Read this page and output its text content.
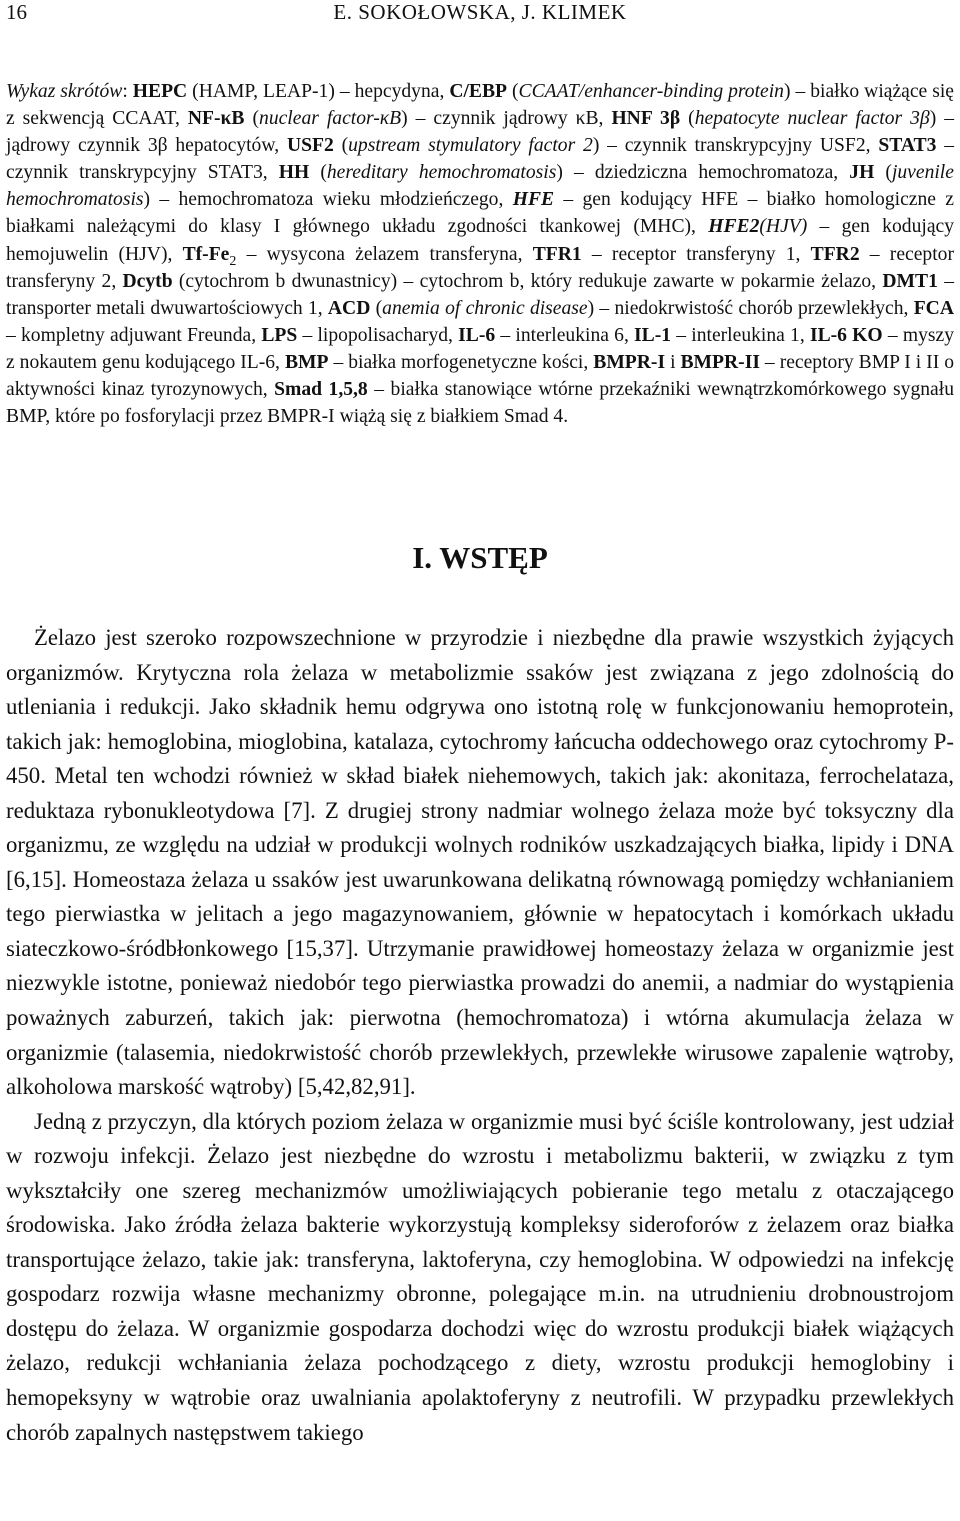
16	E. SOKOŁOWSKA, J. KLIMEK

Wykaz skrótów: HEPC (HAMP, LEAP-1) – hepcydyna, C/EBP (CCAAT/enhancer-binding protein) – białko wiążące się z sekwencją CCAAT, NF-κB (nuclear factor-κB) – czynnik jądrowy κB, HNF 3β (hepatocyte nuclear factor 3β) – jądrowy czynnik 3β hepatocytów, USF2 (upstream stymulatory factor 2) – czynnik transkrypcyjny USF2, STAT3 – czynnik transkrypcyjny STAT3, HH (hereditary hemochromatosis) – dziedziczna hemochromatoza, JH (juvenile hemochromatosis) – hemochromatoza wieku młodzieńczego, HFE – gen kodujący HFE – białko homologiczne z białkami należącymi do klasy I głównego układu zgodności tkankowej (MHC), HFE2(HJV) – gen kodujący hemojuwelin (HJV), $Tf-Fe_2$ – wysycona żelazem transferyna, TFR1 – receptor transferyny 1, TFR2 – receptor transferyny 2, Dcytb (cytochrom b dwunastnicy) – cytochrom b, który redukuje zawarte w pokarmie żelazo, DMT1 – transporter metali dwuwartościowych 1, ACD (anemia of chronic disease) – niedokrwistość chorób przewlekłych, FCA – kompletny adjuwant Freunda, LPS – lipopolisacharyd, IL-6 – interleukina 6, IL-1 – interleukina 1, IL-6 KO – myszy z nokautem genu kodującego IL-6, BMP – białka morfogenetyczne kości, BMPR-I i BMPR-II – receptory BMP I i II o aktywności kinaz tyrozynowych, Smad 1,5,8 – białka stanowiące wtórne przekaźniki wewnątrzkomórkowego sygnału BMP, które po fosforylacji przez BMPR-I wiążą się z białkiem Smad 4.

I. WSTĘP

Żelazo jest szeroko rozpowszechnione w przyrodzie i niezbędne dla prawie wszystkich żyjących organizmów. Krytyczna rola żelaza w metabolizmie ssaków jest związana z jego zdolnością do utleniania i redukcji. Jako składnik hemu odgrywa ono istotną rolę w funkcjonowaniu hemoprotein, takich jak: hemoglobina, mioglobina, katalaza, cytochromy łańcucha oddechowego oraz cytochromy P-450. Metal ten wchodzi również w skład białek niehemowych, takich jak: akonitaza, ferrochelataza, reduktaza rybonukleotydowa [7]. Z drugiej strony nadmiar wolnego żelaza może być toksyczny dla organizmu, ze względu na udział w produkcji wolnych rodników uszkadzających białka, lipidy i DNA [6,15]. Homeostaza żelaza u ssaków jest uwarunkowana delikatną równowagą pomiędzy wchłanianiem tego pierwiastka w jelitach a jego magazynowaniem, głównie w hepatocytach i komórkach układu siateczkowo-śródbłonkowego [15,37]. Utrzymanie prawidłowej homeostazy żelaza w organizmie jest niezwykle istotne, ponieważ niedobór tego pierwiastka prowadzi do anemii, a nadmiar do wystąpienia poważnych zaburzeń, takich jak: pierwotna (hemochromatoza) i wtórna akumulacja żelaza w organizmie (talasemia, niedokrwistość chorób przewlekłych, przewlekłe wirusowe zapalenie wątroby, alkoholowa marskość wątroby) [5,42,82,91].

Jedną z przyczyn, dla których poziom żelaza w organizmie musi być ściśle kontrolowany, jest udział w rozwoju infekcji. Żelazo jest niezbędne do wzrostu i metabolizmu bakterii, w związku z tym wykształciły one szereg mechanizmów umożliwiających pobieranie tego metalu z otaczającego środowiska. Jako źródła żelaza bakterie wykorzystują kompleksy sideroforów z żelazem oraz białka transportujące żelazo, takie jak: transferyna, laktoferyna, czy hemoglobina. W odpowiedzi na infekcję gospodarz rozwija własne mechanizmy obronne, polegające m.in. na utrudnieniu drobnoustrojom dostępu do żelaza. W organizmie gospodarza dochodzi więc do wzrostu produkcji białek wiążących żelazo, redukcji wchłaniania żelaza pochodzącego z diety, wzrostu produkcji hemoglobiny i hemopeksyny w wątrobie oraz uwalniania apolaktoferyny z neutrofili. W przypadku przewlekłych chorób zapalnych następstwem takiego
